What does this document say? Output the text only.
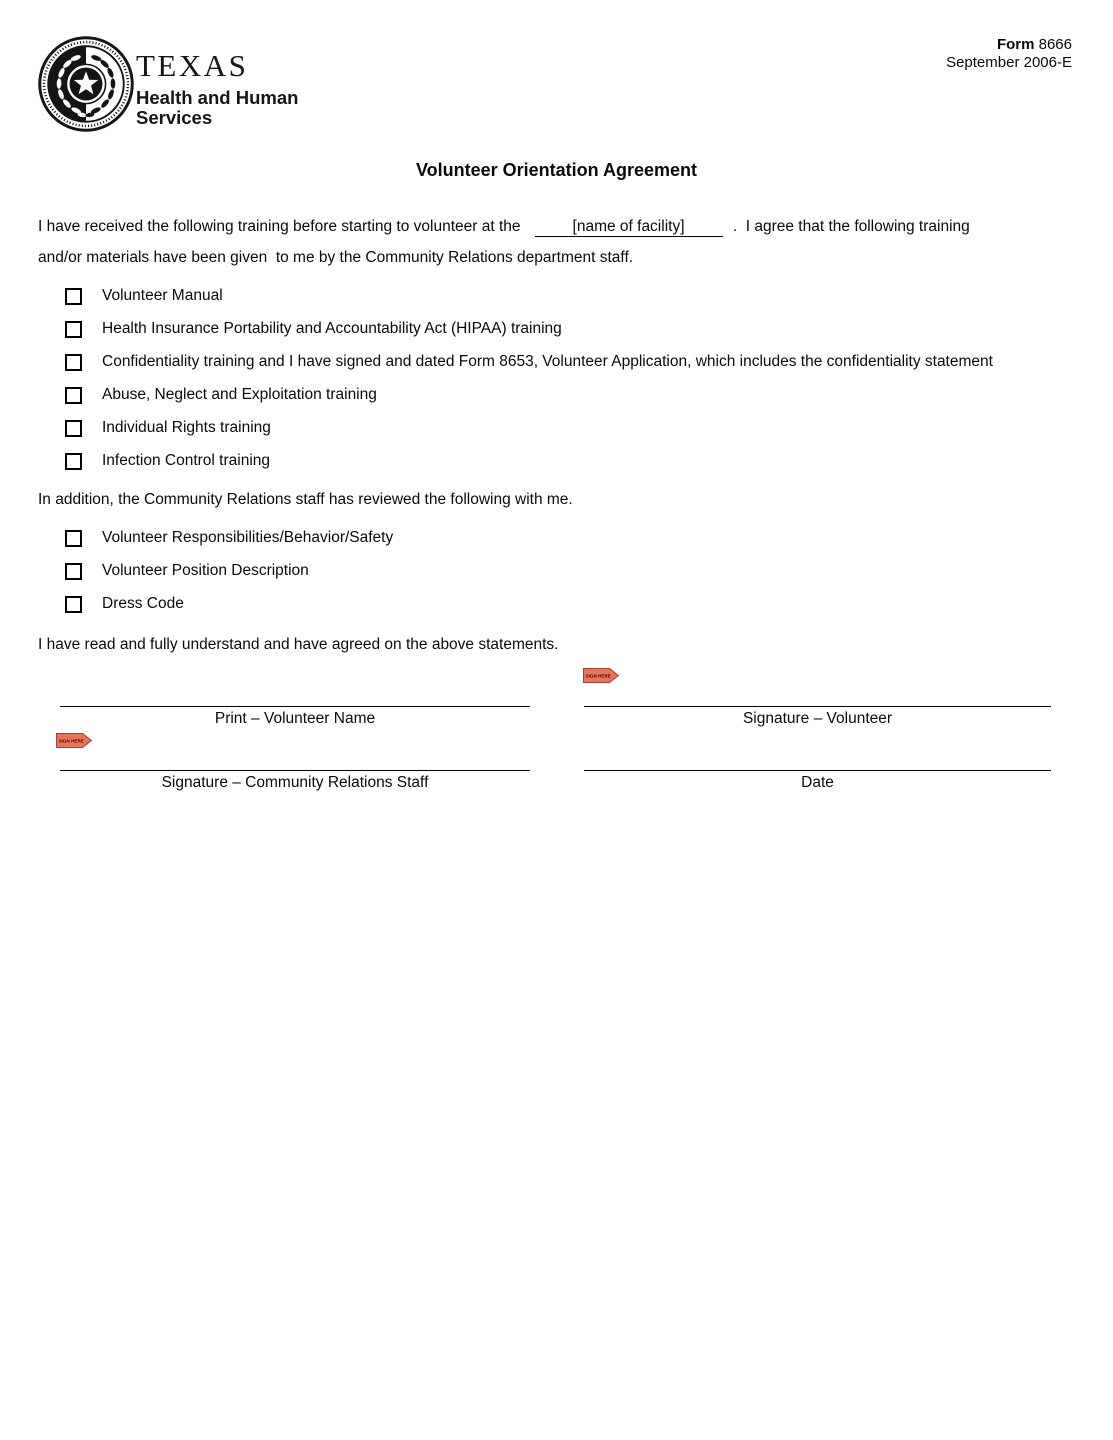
TEXAS
Health and Human
Services
Form 8666
September 2006-E
Volunteer Orientation Agreement
I have received the following training before starting to volunteer at the	[name of facility]	.  I agree that the following training
and/or materials have been given  to me by the Community Relations department staff.
Volunteer Manual
Health Insurance Portability and Accountability Act (HIPAA) training
Confidentiality training and I have signed and dated Form 8653, Volunteer Application, which includes the confidentiality statement
Abuse, Neglect and Exploitation training
Individual Rights training
Infection Control training
In addition, the Community Relations staff has reviewed the following with me.
Volunteer Responsibilities/Behavior/Safety
Volunteer Position Description
Dress Code
I have read and fully understand and have agreed on the above statements.
SIGN HERE
SIGN HERE
Print – Volunteer Name	Signature – Volunteer
Signature – Community Relations Staff	Date
